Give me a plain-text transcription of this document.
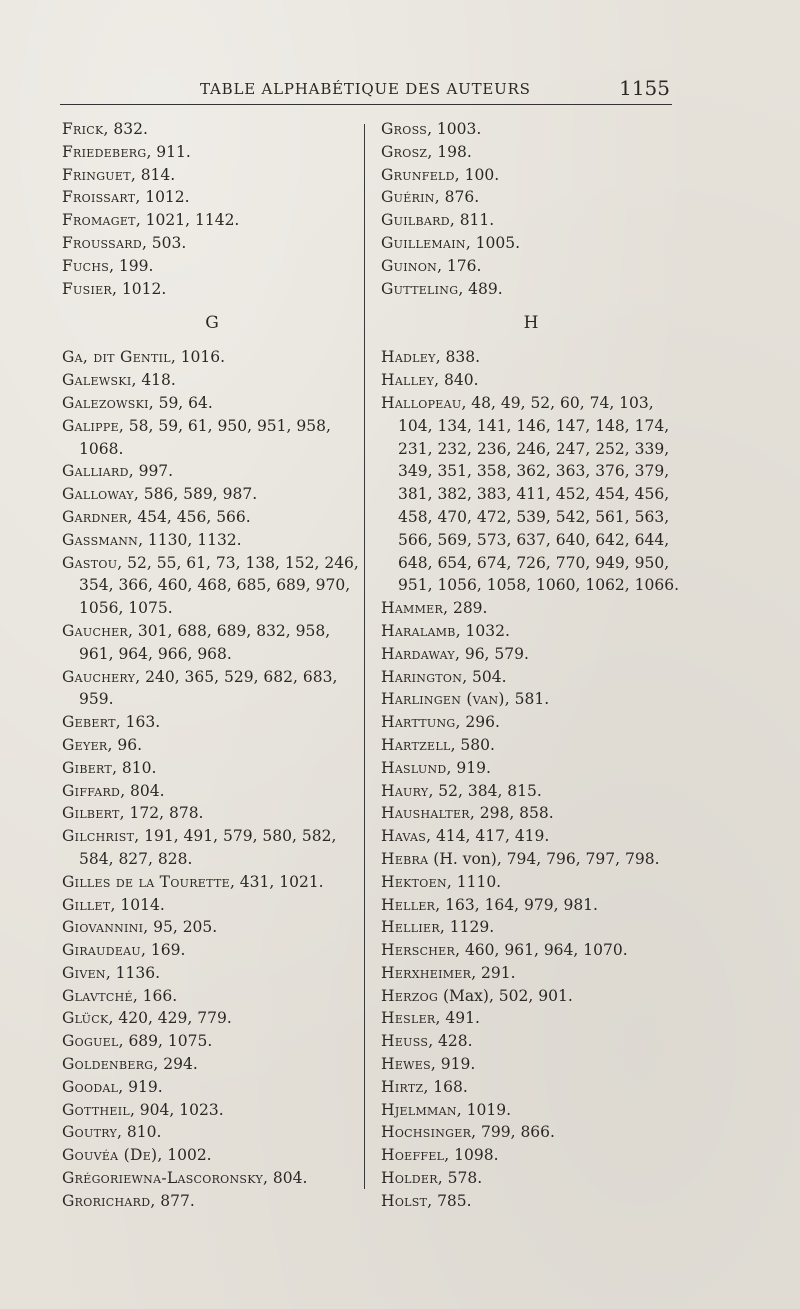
TABLE ALPHABÉTIQUE DES AUTEURS	1155
Frick, 832.
Friedeberg, 911.
Fringuet, 814.
Froissart, 1012.
Fromaget, 1021, 1142.
Froussard, 503.
Fuchs, 199.
Fusier, 1012.
G
Ga, dit Gentil, 1016.
Galewski, 418.
Galezowski, 59, 64.
Galippe, 58, 59, 61, 950, 951, 958,
1068.
Galliard, 997.
Galloway, 586, 589, 987.
Gardner, 454, 456, 566.
Gassmann, 1130, 1132.
Gastou, 52, 55, 61, 73, 138, 152, 246,
354, 366, 460, 468, 685, 689, 970,
1056, 1075.
Gaucher, 301, 688, 689, 832, 958,
961, 964, 966, 968.
Gauchery, 240, 365, 529, 682, 683,
959.
Gebert, 163.
Geyer, 96.
Gibert, 810.
Giffard, 804.
Gilbert, 172, 878.
Gilchrist, 191, 491, 579, 580, 582,
584, 827, 828.
Gilles de la Tourette, 431, 1021.
Gillet, 1014.
Giovannini, 95, 205.
Giraudeau, 169.
Given, 1136.
Glavtché, 166.
Glück, 420, 429, 779.
Goguel, 689, 1075.
Goldenberg, 294.
Goodal, 919.
Gottheil, 904, 1023.
Goutry, 810.
Gouvéa (De), 1002.
Grégoriewna-Lascoronsky, 804.
Grorichard, 877.
Gross, 1003.
Grosz, 198.
Grunfeld, 100.
Guérin, 876.
Guilbard, 811.
Guillemain, 1005.
Guinon, 176.
Gutteling, 489.
H
Hadley, 838.
Halley, 840.
Hallopeau, 48, 49, 52, 60, 74, 103,
104, 134, 141, 146, 147, 148, 174,
231, 232, 236, 246, 247, 252, 339,
349, 351, 358, 362, 363, 376, 379,
381, 382, 383, 411, 452, 454, 456,
458, 470, 472, 539, 542, 561, 563,
566, 569, 573, 637, 640, 642, 644,
648, 654, 674, 726, 770, 949, 950,
951, 1056, 1058, 1060, 1062, 1066.
Hammer, 289.
Haralamb, 1032.
Hardaway, 96, 579.
Harington, 504.
Harlingen (van), 581.
Harttung, 296.
Hartzell, 580.
Haslund, 919.
Haury, 52, 384, 815.
Haushalter, 298, 858.
Havas, 414, 417, 419.
Hebra (H. von), 794, 796, 797, 798.
Hektoen, 1110.
Heller, 163, 164, 979, 981.
Hellier, 1129.
Herscher, 460, 961, 964, 1070.
Herxheimer, 291.
Herzog (Max), 502, 901.
Hesler, 491.
Heuss, 428.
Hewes, 919.
Hirtz, 168.
Hjelmman, 1019.
Hochsinger, 799, 866.
Hoeffel, 1098.
Holder, 578.
Holst, 785.
